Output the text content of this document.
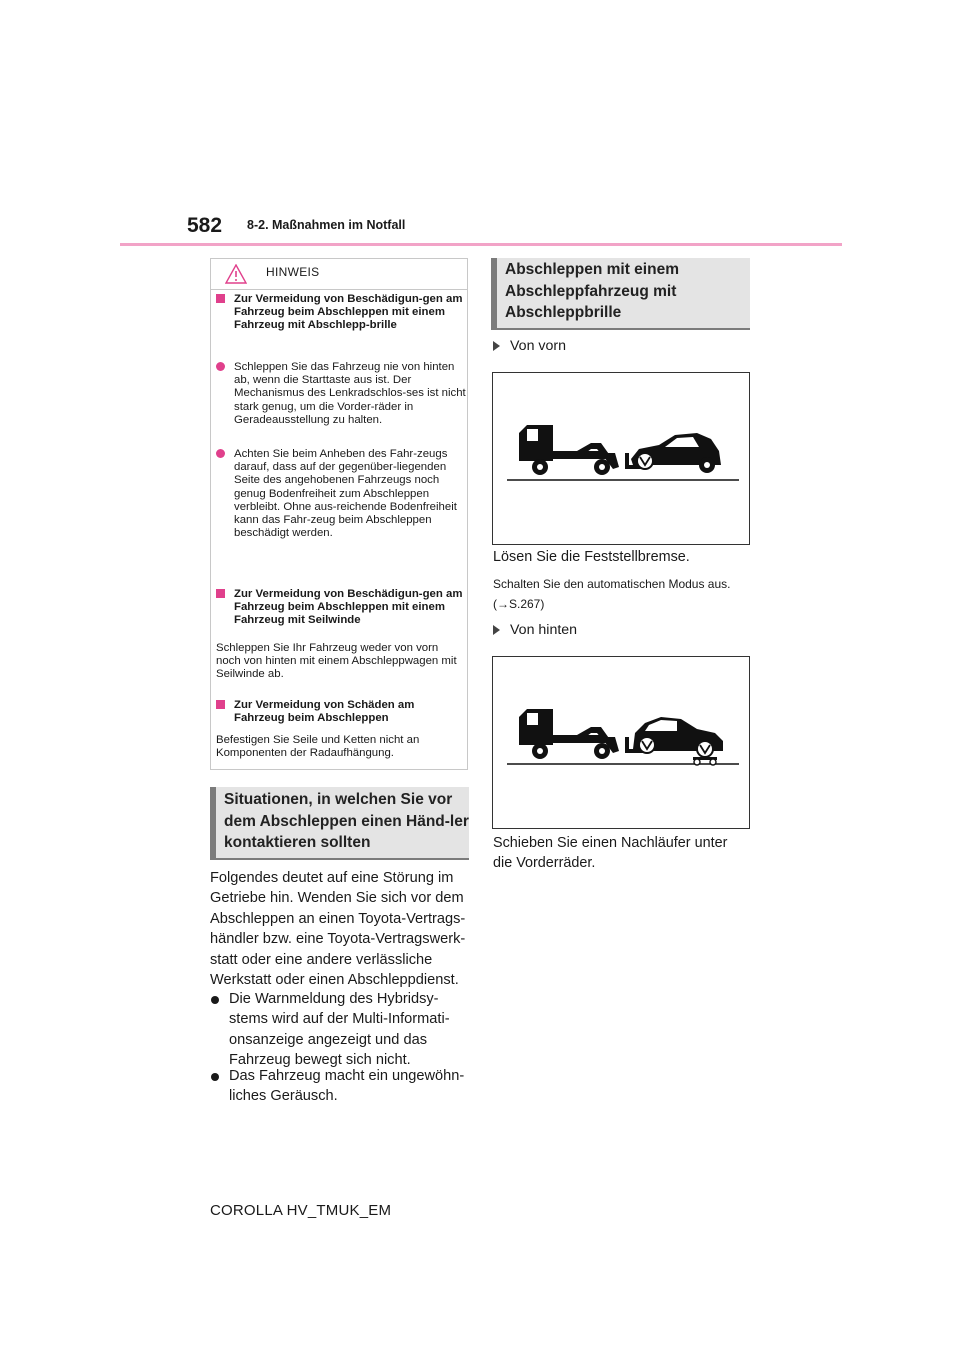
582 8-2. Maßnahmen im Notfall
HINWEIS
Zur Vermeidung von Beschädigun-gen am Fahrzeug beim Abschleppen mit einem Fahrzeug mit Abschlepp-brille
Schleppen Sie das Fahrzeug nie von hinten ab, wenn die Starttaste aus ist. Der Mechanismus des Lenkradschlos-ses ist nicht stark genug, um die Vorder-räder in Geradeausstellung zu halten.
Achten Sie beim Anheben des Fahr-zeugs darauf, dass auf der gegenüber-liegenden Seite des angehobenen Fahrzeugs noch genug Bodenfreiheit zum Abschleppen verbleibt. Ohne aus-reichende Bodenfreiheit kann das Fahr-zeug beim Abschleppen beschädigt werden.
Zur Vermeidung von Beschädigun-gen am Fahrzeug beim Abschleppen mit einem Fahrzeug mit Seilwinde
Schleppen Sie Ihr Fahrzeug weder von vorn noch von hinten mit einem Abschleppwagen mit Seilwinde ab.
Zur Vermeidung von Schäden am Fahrzeug beim Abschleppen
Befestigen Sie Seile und Ketten nicht an Komponenten der Radaufhängung.
Situationen, in welchen Sie vor dem Abschleppen einen Händ-ler kontaktieren sollten
Folgendes deutet auf eine Störung im Getriebe hin. Wenden Sie sich vor dem Abschleppen an einen Toyota-Vertrags-händler bzw. eine Toyota-Vertragswerk-statt oder eine andere verlässliche Werkstatt oder einen Abschleppdienst.
Die Warnmeldung des Hybridsy-stems wird auf der Multi-Informati-onsanzeige angezeigt und das Fahrzeug bewegt sich nicht.
Das Fahrzeug macht ein ungewöhn-liches Geräusch.
Abschleppen mit einem Abschleppfahrzeug mit Abschleppbrille
Von vorn
Lösen Sie die Feststellbremse.
Schalten Sie den automatischen Modus aus.
(→S.267)
Von hinten
Schieben Sie einen Nachläufer unter die Vorderräder.
COROLLA HV_TMUK_EM
